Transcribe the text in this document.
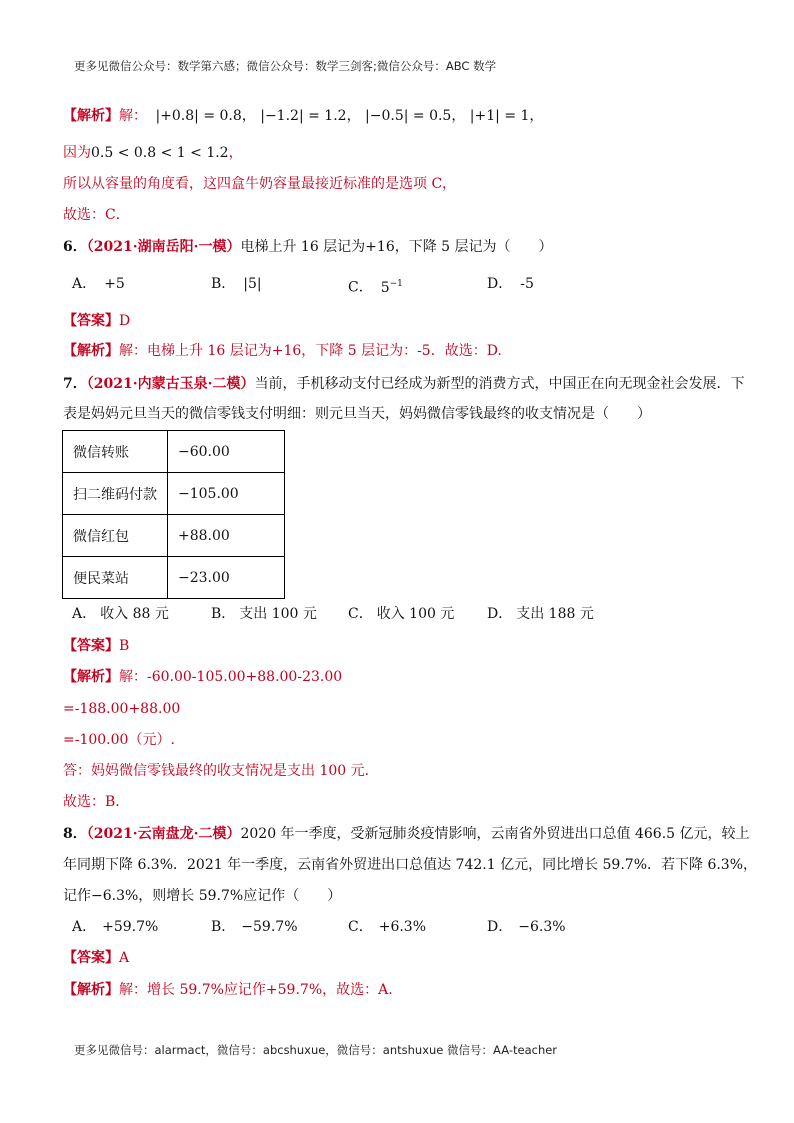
更多见微信公众号：数学第六感；微信公众号：数学三剑客;微信公众号：ABC 数学
【解析】解： |+0.8| = 0.8， |−1.2| = 1.2， |−0.5| = 0.5， |+1| = 1，
因为0.5 < 0.8 < 1 < 1.2，
所以从容量的角度看，这四盒牛奶容量最接近标准的是选项 C，
故选：C．
6．（2021·湖南岳阳·一模）电梯上升 16 层记为+16，下降 5 层记为（　　）
A． +5	B． |5|	C． $5^{-1}$	D． -5
【答案】D
【解析】解：电梯上升 16 层记为+16，下降 5 层记为：-5．故选：D.
7．（2021·内蒙古玉泉·二模）当前，手机移动支付已经成为新型的消费方式，中国正在向无现金社会发展．下
表是妈妈元旦当天的微信零钱支付明细：则元旦当天，妈妈微信零钱最终的收支情况是（　　）
微信转账	−60.00
扫二维码付款	−105.00
微信红包	+88.00
便民菜站	−23.00
A． 收入 88 元	B． 支出 100 元 C． 收入 100 元 D． 支出 188 元
【答案】B
【解析】解：-60.00-105.00+88.00-23.00
=-188.00+88.00
=-100.00（元）.
答：妈妈微信零钱最终的收支情况是支出 100 元.
故选：B．
8．（2021·云南盘龙·二模）2020 年一季度，受新冠肺炎疫情影响，云南省外贸进出口总值 466.5 亿元，较上
年同期下降 6.3%．2021 年一季度，云南省外贸进出口总值达 742.1 亿元，同比增长 59.7%．若下降 6.3%，
记作−6.3%，则增长 59.7%应记作（　　）
A． +59.7%	B． −59.7%	C． +6.3%	D． −6.3%
【答案】A
【解析】解：增长 59.7%应记作+59.7%，故选：A.
更多见微信号：alarmact，微信号：abcshuxue，微信号：antshuxue 微信号：AA-teacher
